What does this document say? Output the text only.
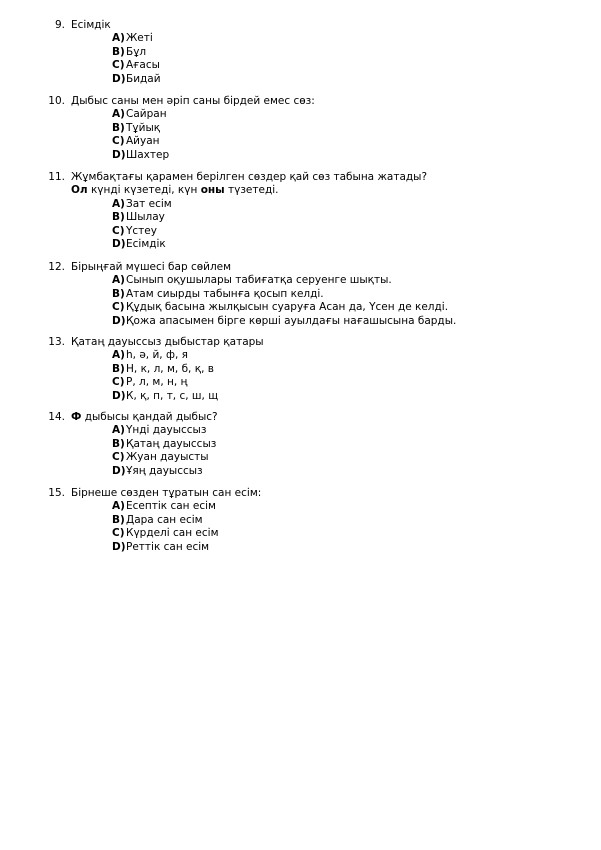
9. Есімдік
A) Жеті
B) Бұл
C) Ағасы
D) Бидай
10. Дыбыс саны мен әріп саны бірдей емес сөз:
A) Сайран
B) Тұйық
C) Айуан
D) Шахтер
11. Жұмбақтағы қарамен берілген сөздер қай сөз табына жатады?
Ол күнді күзетеді, күн оны түзетеді.
A) Зат есім
B) Шылау
C) Үстеу
D) Есімдік
12. Бірыңғай мүшесі бар сөйлем
A) Сынып оқушылары табиғатқа серуенге шықты.
B) Атам сиырды табынға қосып келді.
C) Құдық басына жылқысын суаруға Асан да, Үсен де келді.
D) Қожа апасымен бірге көрші ауылдағы нағашысына барды.
13. Қатаң дауыссыз дыбыстар қатары
A) һ, ә, й, ф, я
B) Н, к, л, м, б, қ, в
C) Р, л, м, н, ң
D) К, қ, п, т, с, ш, щ
14. Ф дыбысы қандай дыбыс?
A) Үнді дауыссыз
B) Қатаң дауыссыз
C) Жуан дауысты
D) Ұяң дауыссыз
15. Бірнеше сөзден тұратын сан есім:
A) Есептік сан есім
B) Дара сан есім
C) Күрделі сан есім
D) Реттік сан есім
